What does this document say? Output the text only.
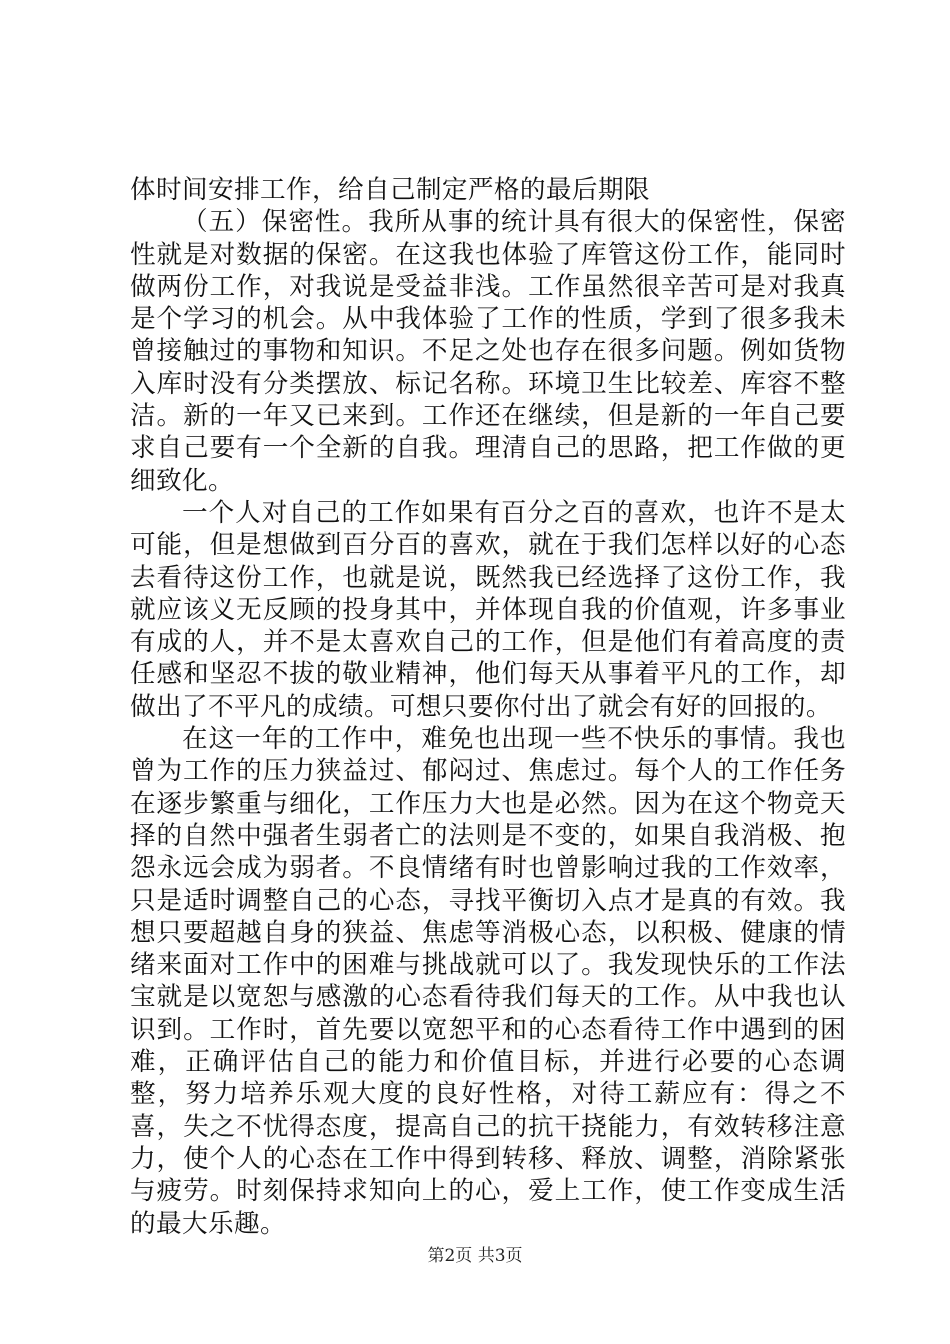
体时间安排工作，给自己制定严格的最后期限

（五）保密性。我所从事的统计具有很大的保密性，保密性就是对数据的保密。在这我也体验了库管这份工作，能同时做两份工作，对我说是受益非浅。工作虽然很辛苦可是对我真是个学习的机会。从中我体验了工作的性质，学到了很多我未曾接触过的事物和知识。不足之处也存在很多问题。例如货物入库时没有分类摆放、标记名称。环境卫生比较差、库容不整洁。新的一年又已来到。工作还在继续，但是新的一年自己要求自己要有一个全新的自我。理清自己的思路，把工作做的更细致化。

一个人对自己的工作如果有百分之百的喜欢，也许不是太可能，但是想做到百分百的喜欢，就在于我们怎样以好的心态去看待这份工作，也就是说，既然我已经选择了这份工作，我就应该义无反顾的投身其中，并体现自我的价值观，许多事业有成的人，并不是太喜欢自己的工作，但是他们有着高度的责任感和坚忍不拔的敬业精神，他们每天从事着平凡的工作，却做出了不平凡的成绩。可想只要你付出了就会有好的回报的。

在这一年的工作中，难免也出现一些不快乐的事情。我也曾为工作的压力狭益过、郁闷过、焦虑过。每个人的工作任务在逐步繁重与细化，工作压力大也是必然。因为在这个物竞天择的自然中强者生弱者亡的法则是不变的，如果自我消极、抱怨永远会成为弱者。不良情绪有时也曾影响过我的工作效率，只是适时调整自己的心态，寻找平衡切入点才是真的有效。我想只要超越自身的狭益、焦虑等消极心态，以积极、健康的情绪来面对工作中的困难与挑战就可以了。我发现快乐的工作法宝就是以宽恕与感激的心态看待我们每天的工作。从中我也认识到。工作时，首先要以宽恕平和的心态看待工作中遇到的困难，正确评估自己的能力和价值目标，并进行必要的心态调整，努力培养乐观大度的良好性格，对待工薪应有：得之不喜，失之不忧得态度，提高自己的抗干挠能力，有效转移注意力，使个人的心态在工作中得到转移、释放、调整，消除紧张与疲劳。时刻保持求知向上的心，爱上工作，使工作变成生活的最大乐趣。

第2页 共3页
